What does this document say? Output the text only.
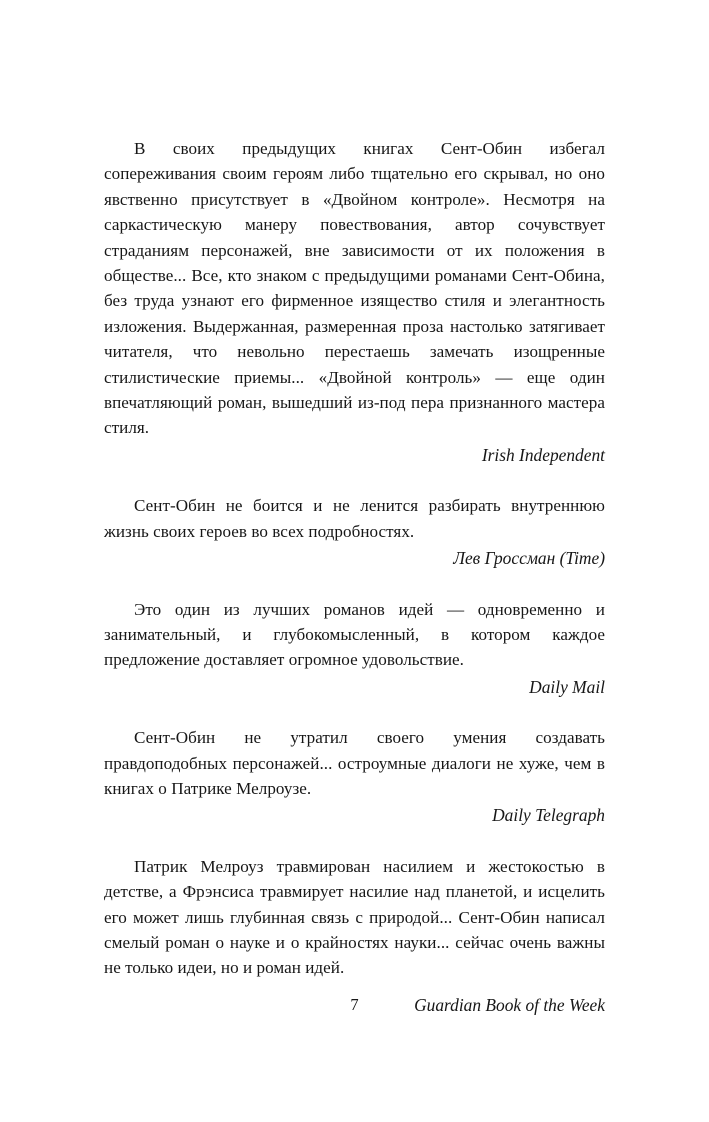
В своих предыдущих книгах Сент-Обин избегал сопереживания своим героям либо тщательно его скрывал, но оно явственно присутствует в «Двойном контроле». Несмотря на саркастическую манеру повествования, автор сочувствует страданиям персонажей, вне зависимости от их положения в обществе... Все, кто знаком с предыдущими романами Сент-Обина, без труда узнают его фирменное изящество стиля и элегантность изложения. Выдержанная, размеренная проза настолько затягивает читателя, что невольно перестаешь замечать изощренные стилистические приемы... «Двойной контроль» — еще один впечатляющий роман, вышедший из-под пера признанного мастера стиля.

Irish Independent

Сент-Обин не боится и не ленится разбирать внутреннюю жизнь своих героев во всех подробностях.

Лев Гроссман (Time)

Это один из лучших романов идей — одновременно и занимательный, и глубокомысленный, в котором каждое предложение доставляет огромное удовольствие.

Daily Mail

Сент-Обин не утратил своего умения создавать правдоподобных персонажей... остроумные диалоги не хуже, чем в книгах о Патрике Мелроузе.

Daily Telegraph

Патрик Мелроуз травмирован насилием и жестокостью в детстве, а Фрэнсиса травмирует насилие над планетой, и исцелить его может лишь глубинная связь с природой... Сент-Обин написал смелый роман о науке и о крайностях науки... сейчас очень важны не только идеи, но и роман идей.

Guardian Book of the Week

7
